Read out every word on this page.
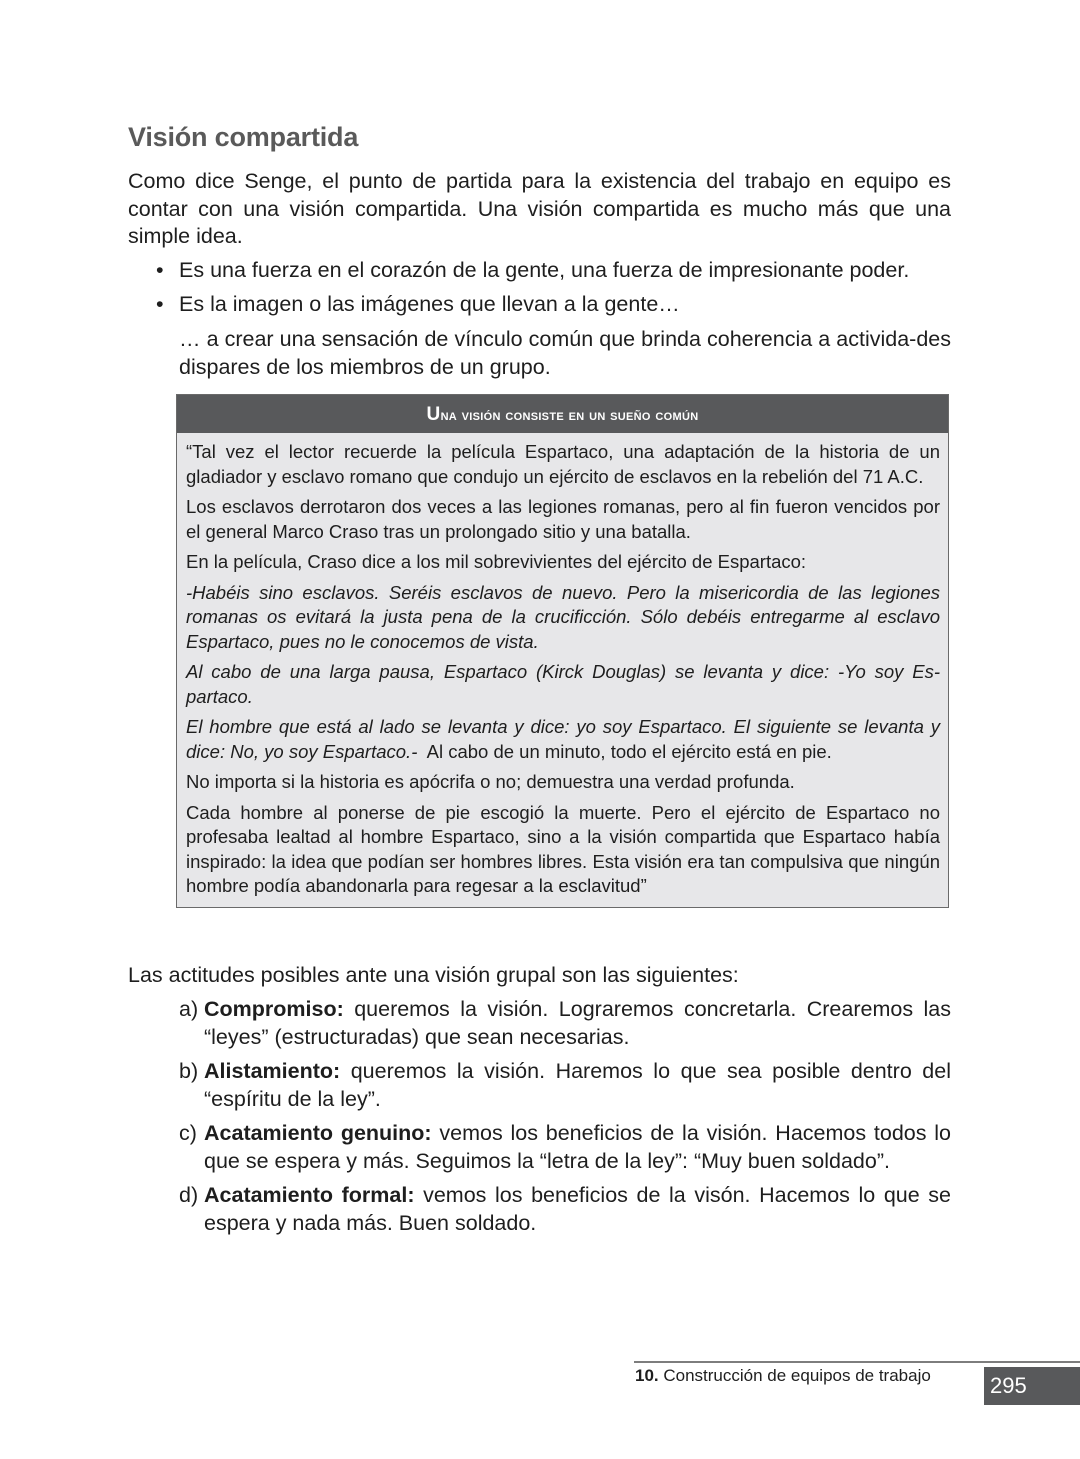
Visión compartida

Como dice Senge, el punto de partida para la existencia del trabajo en equipo es contar con una visión compartida. Una visión compartida es mucho más que una simple idea.

• Es una fuerza en el corazón de la gente, una fuerza de impresionante poder.
• Es la imagen o las imágenes que llevan a la gente…

… a crear una sensación de vínculo común que brinda coherencia a activida-des dispares de los miembros de un grupo.

Una visión consiste en un sueño común

“Tal vez el lector recuerde la película Espartaco, una adaptación de la historia de un gladiador y esclavo romano que condujo un ejército de esclavos en la rebelión del 71 A.C.

Los esclavos derrotaron dos veces a las legiones romanas, pero al fin fueron vencidos por el general Marco Craso tras un prolongado sitio y una batalla.

En la película, Craso dice a los mil sobrevivientes del ejército de Espartaco:

-Habéis sino esclavos. Seréis esclavos de nuevo. Pero la misericordia de las legiones romanas os evitará la justa pena de la crucificción. Sólo debéis entregarme al esclavo Espartaco, pues no le conocemos de vista.

Al cabo de una larga pausa, Espartaco (Kirck Douglas) se levanta y dice: -Yo soy Es-partaco.

El hombre que está al lado se levanta y dice: yo soy Espartaco. El siguiente se levanta y dice: No, yo soy Espartaco.-  Al cabo de un minuto, todo el ejército está en pie.

No importa si la historia es apócrifa o no; demuestra una verdad profunda.

Cada hombre al ponerse de pie escogió la muerte. Pero el ejército de Espartaco no profesaba lealtad al hombre Espartaco, sino a la visión compartida que Espartaco había inspirado: la idea que podían ser hombres libres. Esta visión era tan compulsiva que ningún hombre podía abandonarla para regesar a la esclavitud”

Las actitudes posibles ante una visión grupal son las siguientes:

a) Compromiso: queremos la visión. Lograremos concretarla. Crearemos las “leyes” (estructuradas) que sean necesarias.
b) Alistamiento: queremos la visión. Haremos lo que sea posible dentro del “espíritu de la ley”.
c) Acatamiento genuino: vemos los beneficios de la visión. Hacemos todos lo que se espera y más. Seguimos la “letra de la ley”: “Muy buen soldado”.
d) Acatamiento formal: vemos los beneficios de la visón. Hacemos lo que se espera y nada más. Buen soldado.
10. Construcción de equipos de trabajo	295
